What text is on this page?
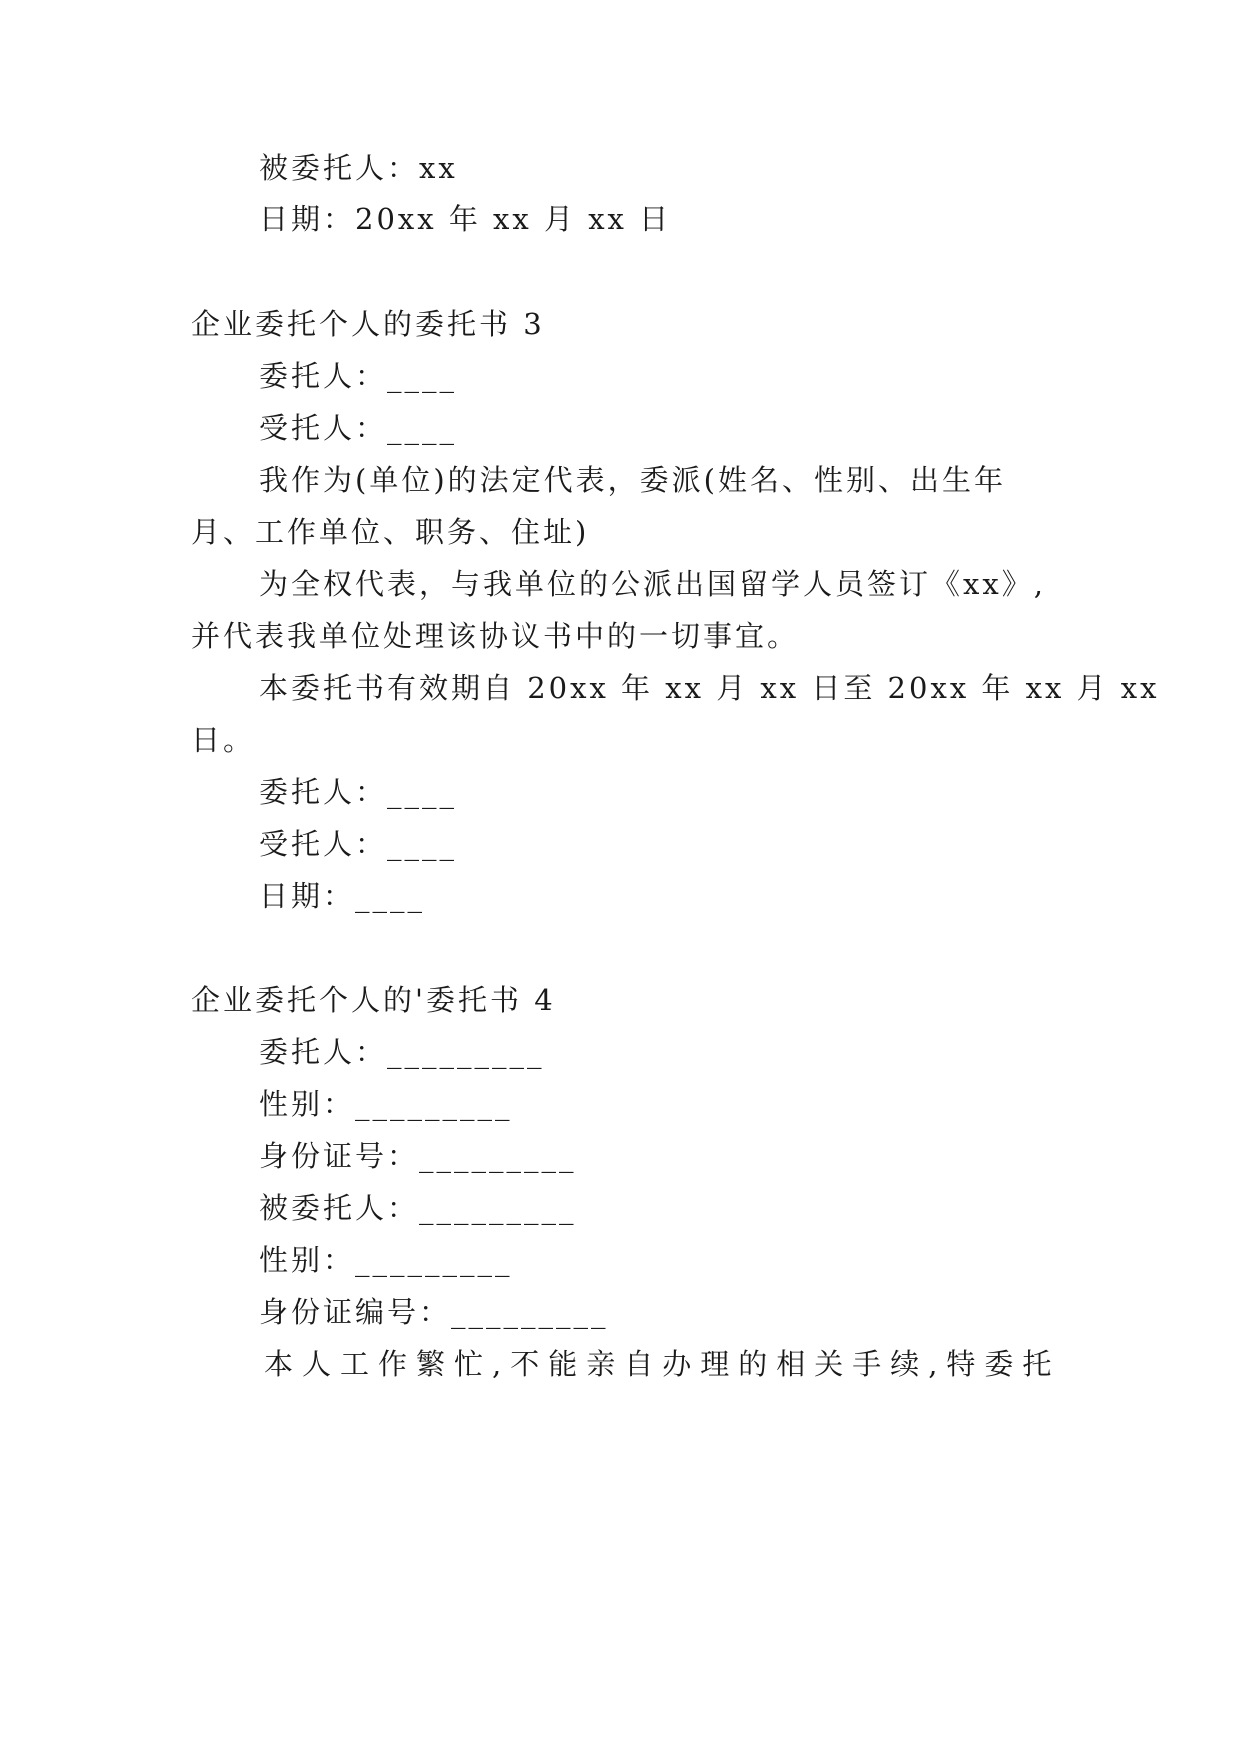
被委托人：xx
日期：20xx 年 xx 月 xx 日
企业委托个人的委托书 3
委托人：____
受托人：____
我作为(单位)的法定代表，委派(姓名、性别、出生年
月、工作单位、职务、住址)
为全权代表，与我单位的公派出国留学人员签订《xx》,
并代表我单位处理该协议书中的一切事宜。
本委托书有效期自 20xx 年 xx 月 xx 日至 20xx 年 xx 月 xx
日。
委托人：____
受托人：____
日期：____
企业委托个人的'委托书 4
委托人：_________
性别：_________
身份证号：_________
被委托人：_________
性别：_________
身份证编号：_________
本人工作繁忙,不能亲自办理的相关手续,特委托
